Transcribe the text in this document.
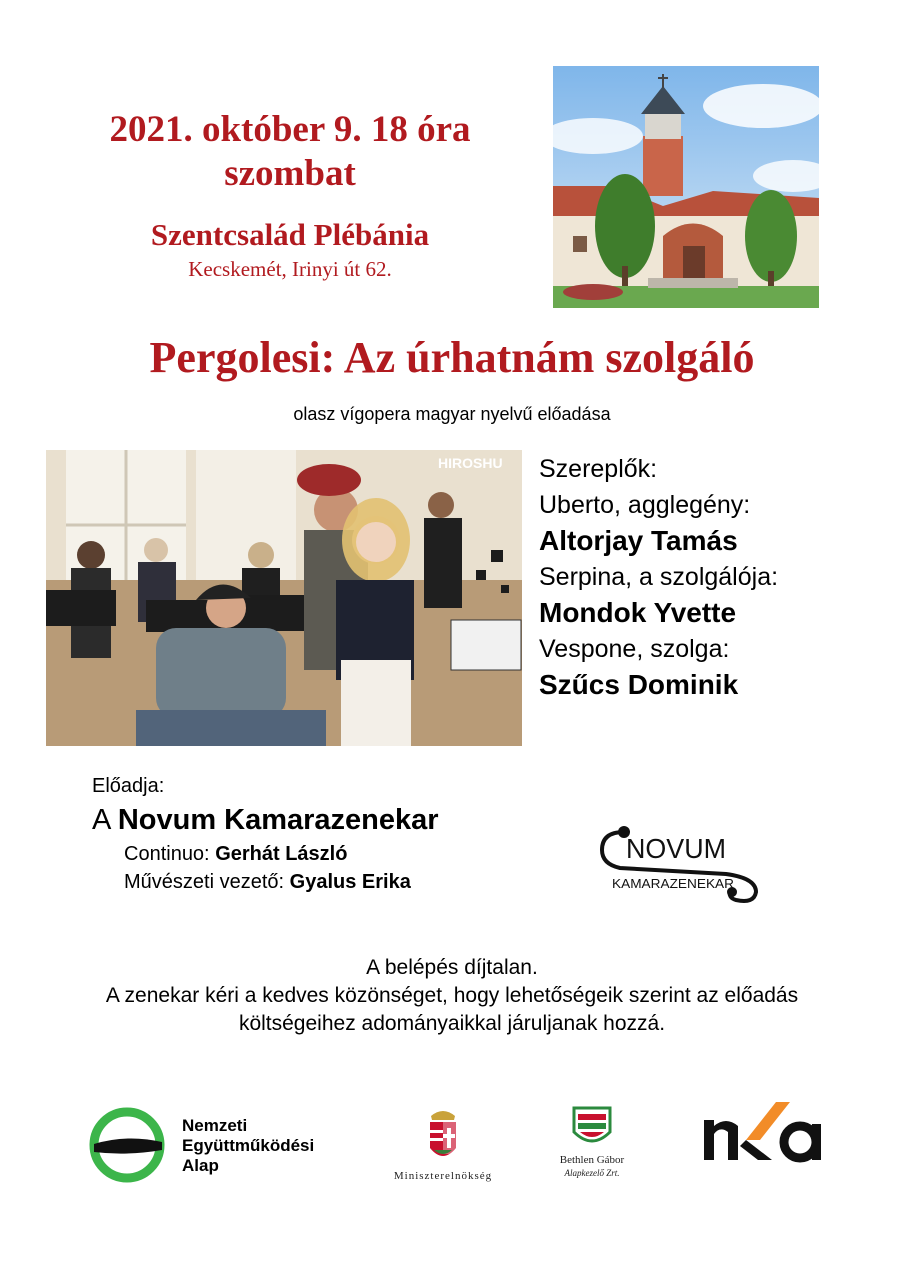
2021. október 9. 18 óra
szombat
Szentcsalád Plébánia
Kecskemét, Irinyi út 62.
Pergolesi: Az úrhatnám szolgáló
olasz vígopera magyar nyelvű előadása
HIROSHU Szereplők:
Uberto, agglegény:
Altorjay Tamás
Serpina, a szolgálója:
Mondok Yvette
Vespone, szolga:
Szűcs Dominik
Előadja:
A Novum Kamarazenekar
Continuo: Gerhát László
Művészeti vezető: Gyalus Erika
NOVUM
KAMARAZENEKAR
A belépés díjtalan.
A zenekar kéri a kedves közönséget, hogy lehetőségeik szerint az előadás
költségeihez adományaikkal járuljanak hozzá.
Nemzeti
Együttműködési
Alap
Miniszterelnökség
Bethlen Gábor
Alapkezelő Zrt.
